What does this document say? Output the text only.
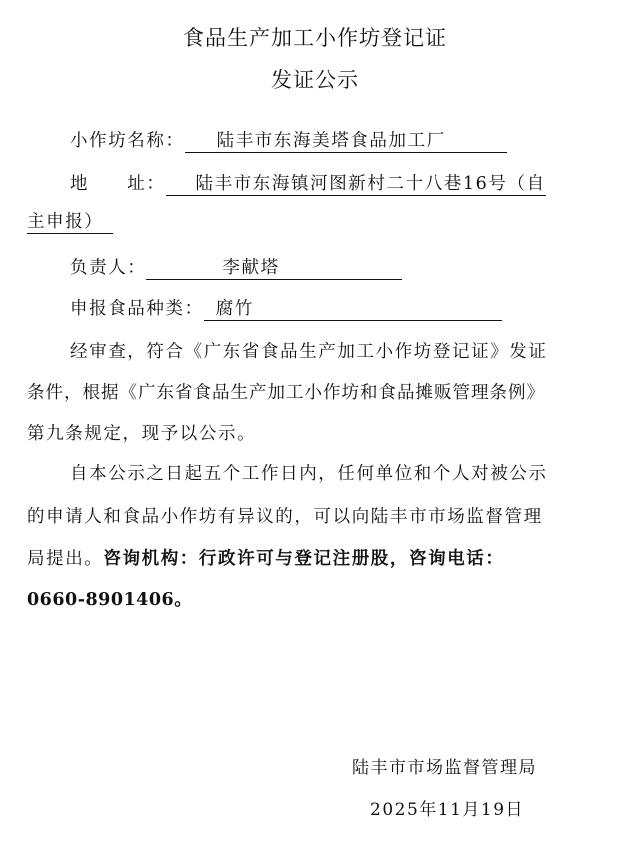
食品生产加工小作坊登记证
发证公示
小作坊名称： 陆丰市东海美塔食品加工厂
地　　址： 陆丰市东海镇河图新村二十八巷16号（自
主申报）
负责人：	李献塔
申报食品种类： 腐竹
经审查，符合《广东省食品生产加工小作坊登记证》发证
条件，根据《广东省食品生产加工小作坊和食品摊贩管理条例》
第九条规定，现予以公示。
自本公示之日起五个工作日内，任何单位和个人对被公示
的申请人和食品小作坊有异议的，可以向陆丰市市场监督管理
局提出。咨询机构：行政许可与登记注册股，咨询电话：
0660-8901406。
陆丰市市场监督管理局
2025年11月19日
